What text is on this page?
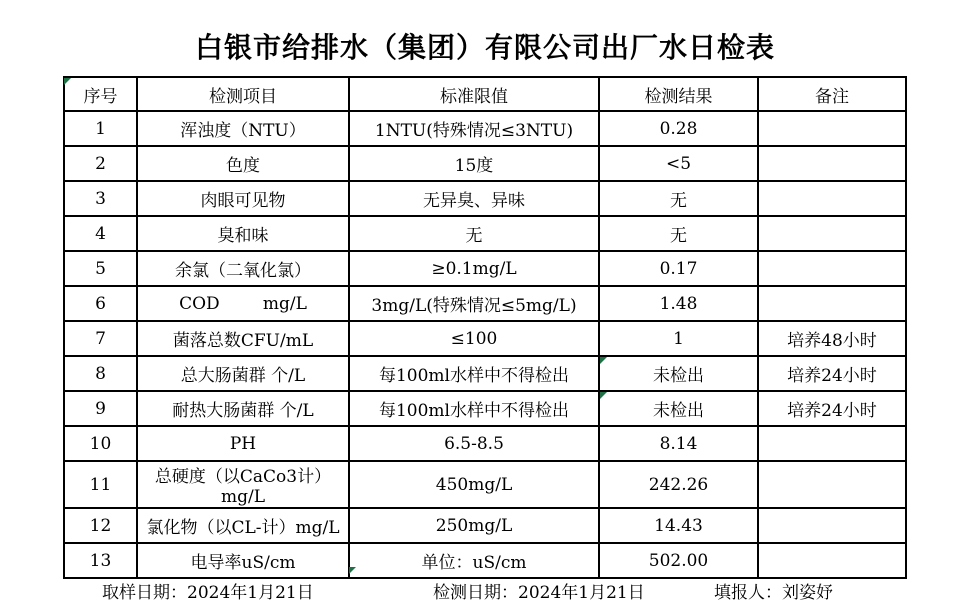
白银市给排水（集团）有限公司出厂水日检表
序号	检测项目	标准限值	检测结果	备注
1	浑浊度（NTU）	1NTU(特殊情况≤3NTU)	0.28	
2	色度	15度	<5	
3	肉眼可见物	无异臭、异味	无	
4	臭和味	无	无	
5	余氯（二氧化氯）	≥0.1mg/L	0.17	
6	COD        mg/L	3mg/L(特殊情况≤5mg/L)	1.48	
7	菌落总数CFU/mL	≤100	1	培养48小时
8	总大肠菌群 个/L	每100ml水样中不得检出	未检出	培养24小时
9	耐热大肠菌群 个/L	每100ml水样中不得检出	未检出	培养24小时
10	PH	6.5-8.5	8.14	
11	总硬度（以CaCo3计）mg/L	450mg/L	242.26	
12	氯化物（以CL-计）mg/L	250mg/L	14.43	
13	电导率uS/cm	单位：uS/cm	502.00	
取样日期：2024年1月21日	检测日期：2024年1月21日	填报人：刘姿妤
